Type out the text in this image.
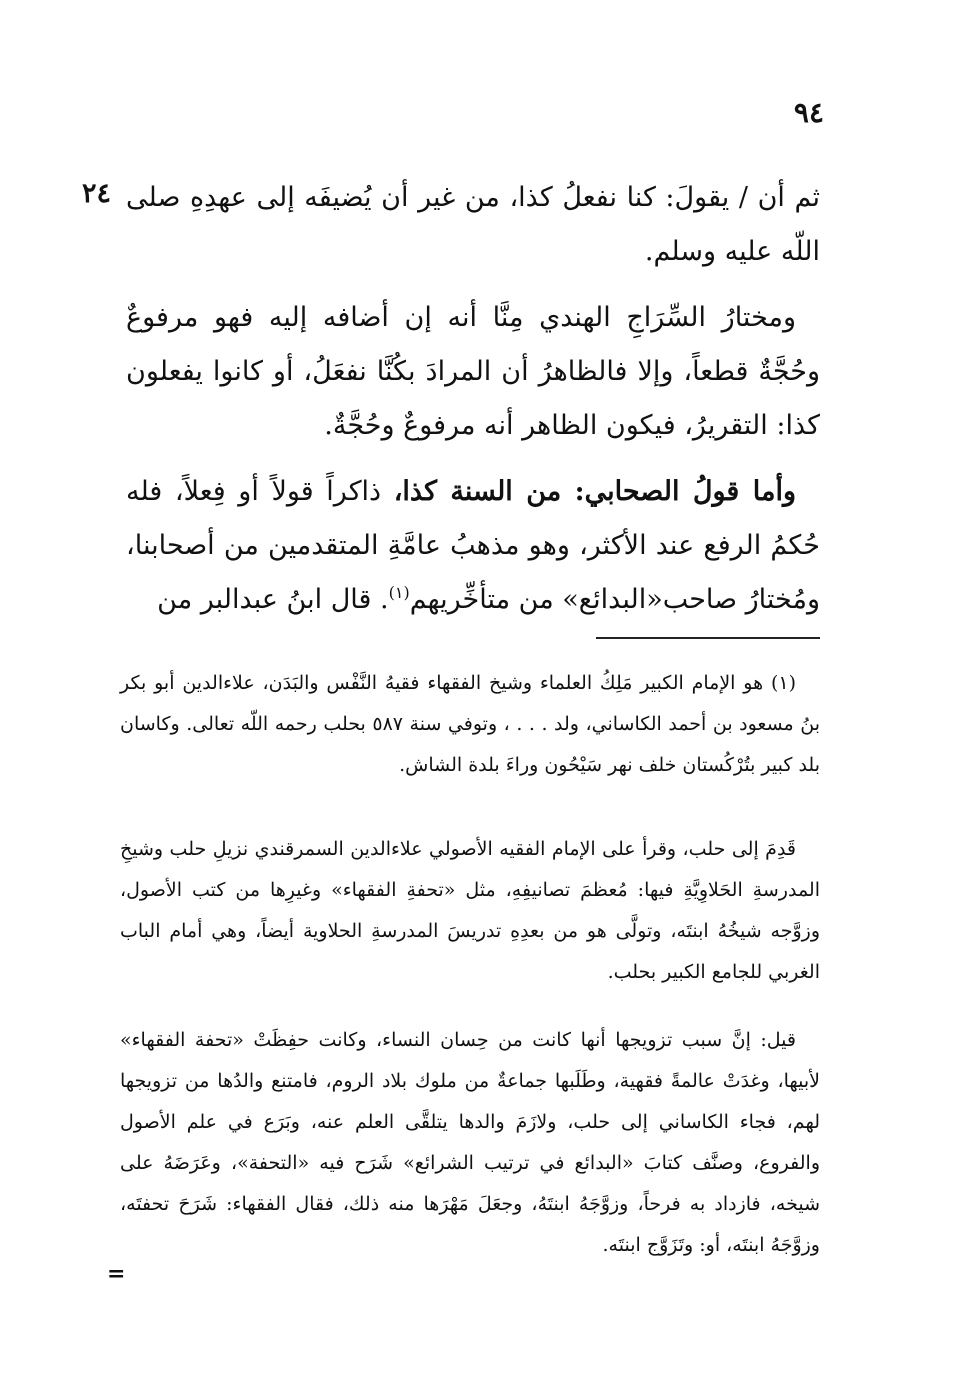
٩٤
٢٤ ثم أن / يقولَ: كنا نفعلُ كذا، من غير أن يُضيفَه إلى عهدِهِ صلى اللّه عليه وسلم.
ومختارُ السِّرَاجِ الهندي مِنَّا أنه إن أضافه إليه فهو مرفوعٌ وحُجَّةٌ قطعاً، وإلا فالظاهرُ أن المرادَ بكُنَّا نفعَلُ، أو كانوا يفعلون كذا: التقريرُ، فيكون الظاهر أنه مرفوعٌ وحُجَّةٌ.
وأما قولُ الصحابي: من السنة كذا، ذاكراً قولاً أو فِعلاً، فله حُكمُ الرفع عند الأكثر، وهو مذهبُ عامَّةِ المتقدمين من أصحابنا، ومُختارُ صاحب«البدائع» من متأخِّريهم$^{(١)}$. قال ابنُ عبدالبر من
(١) هو الإمام الكبير مَلِكُ العلماء وشيخ الفقهاء فقيهُ النَّفْس والبَدَن، علاءالدين أبو بكر بنُ مسعود بن أحمد الكاساني، ولد . . . ، وتوفي سنة ٥٨٧ بحلب رحمه اللّه تعالى. وكاسان بلد كبير بتُرْكُستان خلف نهر سَيْحُون وراءَ بلدة الشاش.
قَدِمَ إلى حلب، وقرأ على الإمام الفقيه الأصولي علاءالدين السمرقندي نزيلِ حلب وشيخِ المدرسةِ الحَلاوِيَّةِ فيها: مُعظمَ تصانيفِهِ، مثل «تحفةِ الفقهاء» وغيرِها من كتب الأصول، وزوَّجه شيخُهُ ابنتَه، وتولَّى هو من بعدِهِ تدريسَ المدرسةِ الحلاوية أيضاً، وهي أمام الباب الغربي للجامع الكبير بحلب.
قيل: إنَّ سبب تزويجها أنها كانت من حِسان النساء، وكانت حفِظَتْ «تحفة الفقهاء» لأبيها، وغدَتْ عالمةً فقهية، وطَلَبها جماعةٌ من ملوك بلاد الروم، فامتنع والدُها من تزويجها لهم، فجاء الكاساني إلى حلب، ولازَمَ والدها يتلقَّى العلم عنه، وبَرَع في علم الأصول والفروع، وصنَّف كتابَ «البدائع في ترتيب الشرائع» شَرَح فيه «التحفة»، وعَرَضَهُ على شيخه، فازداد به فرحاً، وزوَّجَهُ ابنتَهُ، وجعَلَ مَهْرَها منه ذلك، فقال الفقهاء: شَرَحَ تحفتَه، وزوَّجَهُ ابنتَه، أو: وتَزَوَّج ابنتَه.
=
